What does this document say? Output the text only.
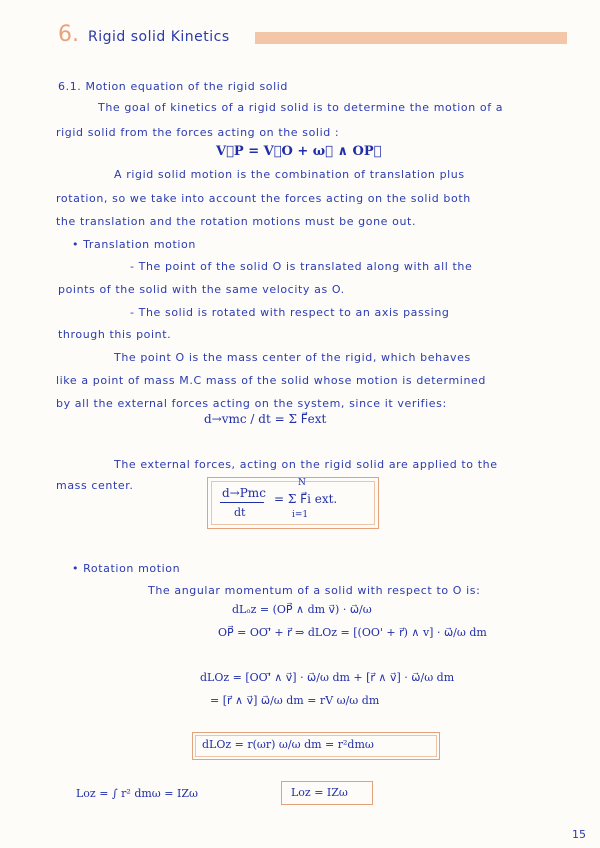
6. Rigid solid Kinetics
6.1. Motion equation of the rigid solid
The goal of kinetics of a rigid solid is to determine the motion of a
rigid solid from the forces acting on the solid :
V⃗P = V⃗O + ω⃗ ∧ OP⃗
A rigid solid motion is the combination of translation plus
rotation, so we take into account the forces acting on the solid both
the translation and the rotation motions must be gone out.
• Translation motion
- The point of the solid O is translated along with all the
points of the solid with the same velocity as O.
- The solid is rotated with respect to an axis passing
through this point.
The point O is the mass center of the rigid, which behaves
like a point of mass M.C mass of the solid whose motion is determined
by all the external forces acting on the system, since it verifies:
d→vmc / dt = Σ F⃗ext
The external forces, acting on the rigid solid are applied to the
mass center.
d→Pmc
dt
N
= Σ F⃗i ext.
i=1
• Rotation motion
The angular momentum of a solid with respect to O is:
dLₒz = (OP⃗ ∧ dm v⃗) · ω⃗/ω
OP⃗ = OO'⃗ + r⃗ ⇒ dLOz = [(OO' + r⃗) ∧ v] · ω⃗/ω dm
dLOz = [OO'⃗ ∧ v⃗] · ω⃗/ω dm + [r⃗ ∧ v⃗] · ω⃗/ω dm
= [r⃗ ∧ v⃗] ω⃗/ω dm = rV ω/ω dm
dLOz = r(ωr) ω/ω dm = r²dmω
Loz = ∫ r² dmω = IZω	Loz = IZω
15
